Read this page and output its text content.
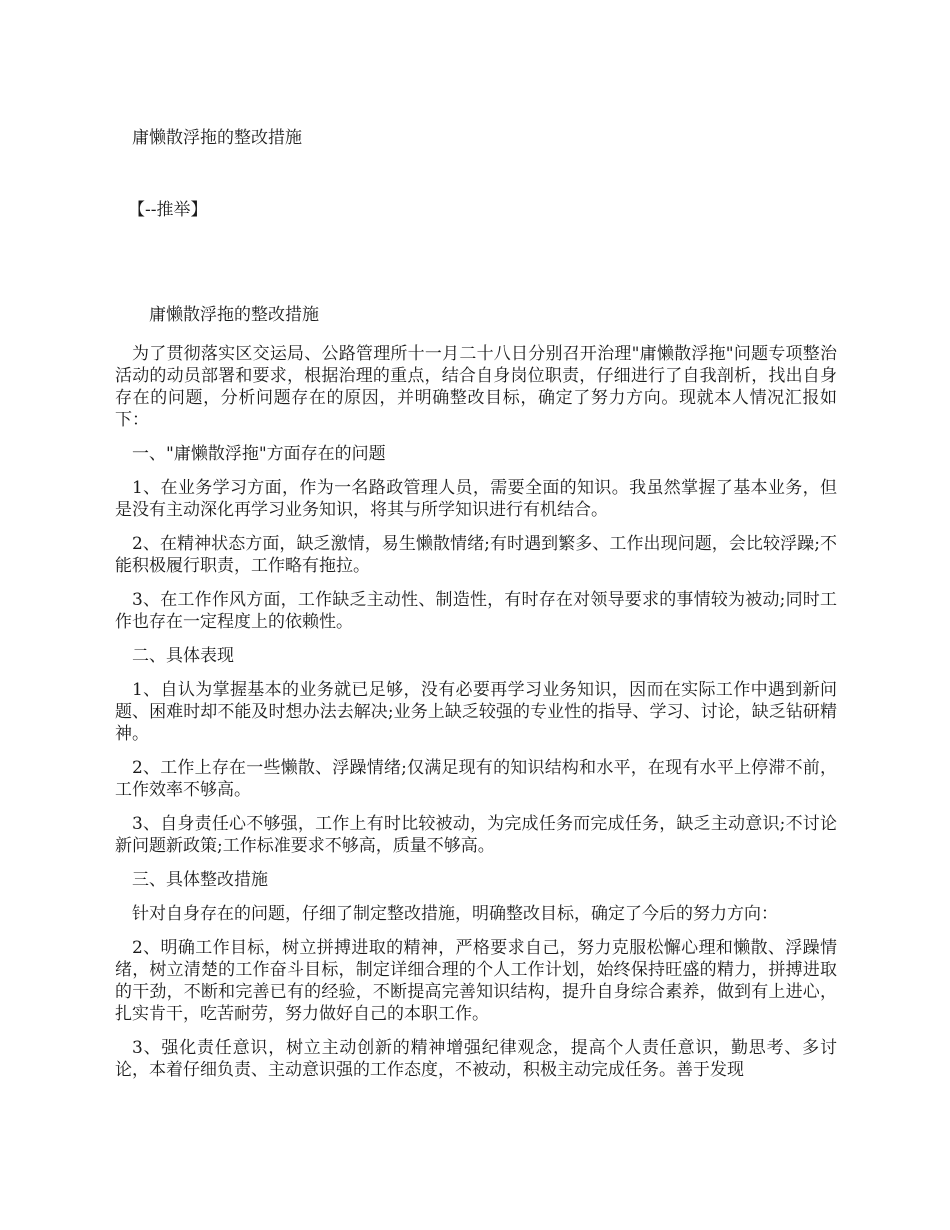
庸懒散浮拖的整改措施
【--推举】

庸懒散浮拖的整改措施

为了贯彻落实区交运局、公路管理所十一月二十八日分别召开治理"庸懒散浮拖"问题专项整治活动的动员部署和要求，根据治理的重点，结合自身岗位职责，仔细进行了自我剖析，找出自身存在的问题，分析问题存在的原因，并明确整改目标，确定了努力方向。现就本人情况汇报如下：

一、"庸懒散浮拖"方面存在的问题

1、在业务学习方面，作为一名路政管理人员，需要全面的知识。我虽然掌握了基本业务，但是没有主动深化再学习业务知识，将其与所学知识进行有机结合。

2、在精神状态方面，缺乏激情，易生懒散情绪;有时遇到繁多、工作出现问题，会比较浮躁;不能积极履行职责，工作略有拖拉。

3、在工作作风方面，工作缺乏主动性、制造性，有时存在对领导要求的事情较为被动;同时工作也存在一定程度上的依赖性。

二、具体表现

1、自认为掌握基本的业务就已足够，没有必要再学习业务知识，因而在实际工作中遇到新问题、困难时却不能及时想办法去解决;业务上缺乏较强的专业性的指导、学习、讨论，缺乏钻研精神。

2、工作上存在一些懒散、浮躁情绪;仅满足现有的知识结构和水平，在现有水平上停滞不前，工作效率不够高。

3、自身责任心不够强，工作上有时比较被动，为完成任务而完成任务，缺乏主动意识;不讨论新问题新政策;工作标准要求不够高，质量不够高。

三、具体整改措施

针对自身存在的问题，仔细了制定整改措施，明确整改目标，确定了今后的努力方向：

2、明确工作目标，树立拼搏进取的精神，严格要求自己，努力克服松懈心理和懒散、浮躁情绪，树立清楚的工作奋斗目标，制定详细合理的个人工作计划，始终保持旺盛的精力，拼搏进取的干劲，不断和完善已有的经验，不断提高完善知识结构，提升自身综合素养，做到有上进心，扎实肯干，吃苦耐劳，努力做好自己的本职工作。

3、强化责任意识，树立主动创新的精神增强纪律观念，提高个人责任意识，勤思考、多讨论，本着仔细负责、主动意识强的工作态度，不被动，积极主动完成任务。善于发现
